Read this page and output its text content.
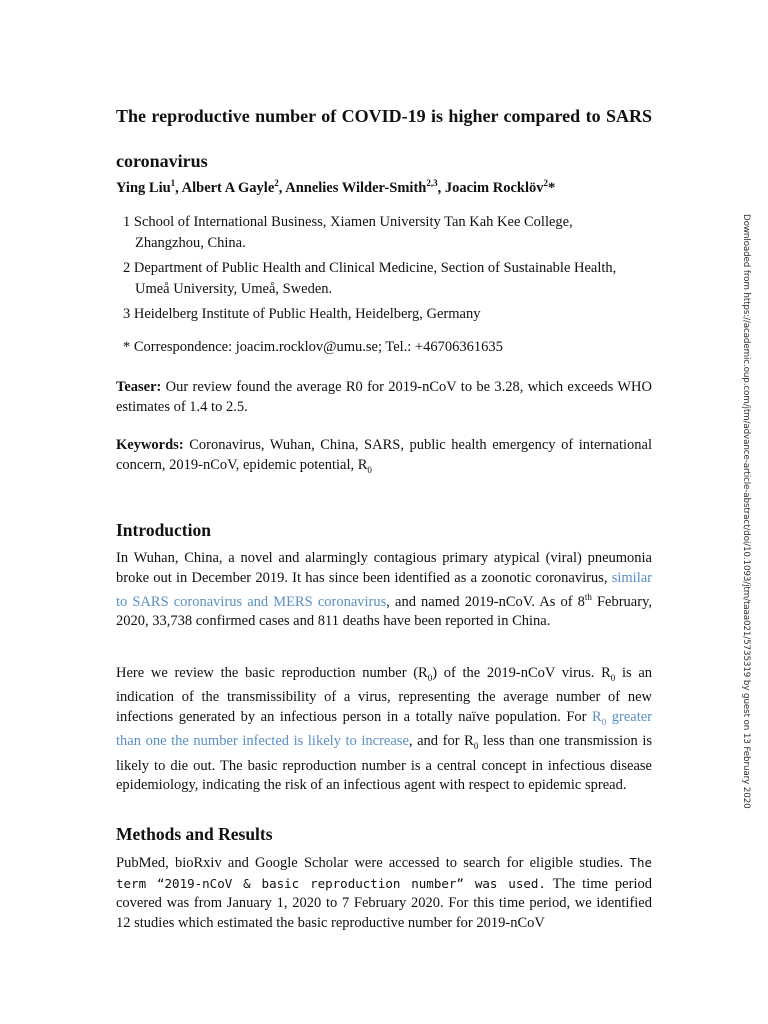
The reproductive number of COVID-19 is higher compared to SARS coronavirus
Ying Liu$^1$, Albert A Gayle$^2$, Annelies Wilder-Smith$^{2,3}$, Joacim Rocklöv$^2$*
1 School of International Business, Xiamen University Tan Kah Kee College,
Zhangzhou, China.
2 Department of Public Health and Clinical Medicine, Section of Sustainable Health,
Umeå University, Umeå, Sweden.
3 Heidelberg Institute of Public Health, Heidelberg, Germany
* Correspondence: joacim.rocklov@umu.se; Tel.: +46706361635
Teaser: Our review found the average R0 for 2019-nCoV to be 3.28, which exceeds WHO estimates of 1.4 to 2.5.
Keywords: Coronavirus, Wuhan, China, SARS, public health emergency of international concern, 2019-nCoV, epidemic potential, $R_0$
Introduction
In Wuhan, China, a novel and alarmingly contagious primary atypical (viral) pneumonia broke out in December 2019. It has since been identified as a zoonotic coronavirus, similar to SARS coronavirus and MERS coronavirus, and named 2019-nCoV. As of 8th February, 2020, 33,738 confirmed cases and 811 deaths have been reported in China.
Here we review the basic reproduction number $(R_0)$ of the 2019-nCoV virus. $R_0$ is an indication of the transmissibility of a virus, representing the average number of new infections generated by an infectious person in a totally naïve population. For $R_0$ greater than one the number infected is likely to increase, and for $R_0$ less than one transmission is likely to die out. The basic reproduction number is a central concept in infectious disease epidemiology, indicating the risk of an infectious agent with respect to epidemic spread.
Methods and Results
PubMed, bioRxiv and Google Scholar were accessed to search for eligible studies. The term “2019-nCoV & basic reproduction number” was used. The time period covered was from January 1, 2020 to 7 February 2020. For this time period, we identified 12 studies which estimated the basic reproductive number for 2019-nCoV
Downloaded from https://academic.oup.com/jtm/advance-article-abstract/doi/10.1093/jtm/taaa021/5735319 by guest on 13 February 2020
